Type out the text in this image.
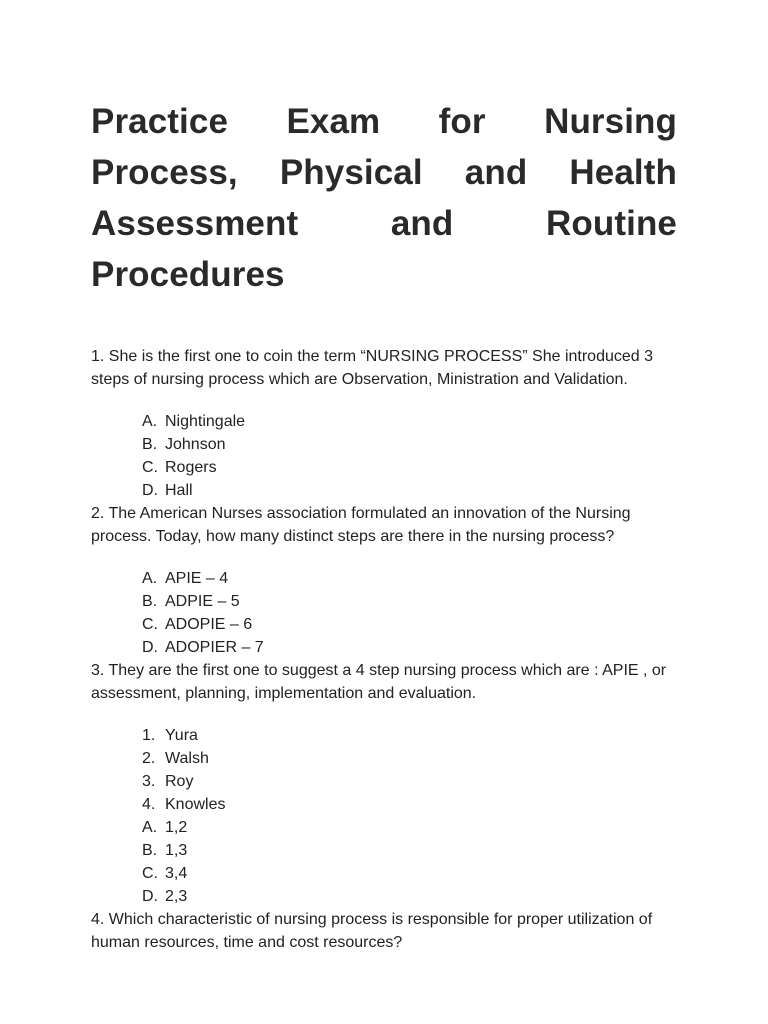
Practice Exam for Nursing Process, Physical and Health Assessment and Routine Procedures

1. She is the first one to coin the term “NURSING PROCESS” She introduced 3 steps of nursing process which are Observation, Ministration and Validation.

A. Nightingale
B. Johnson
C. Rogers
D. Hall

2. The American Nurses association formulated an innovation of the Nursing process. Today, how many distinct steps are there in the nursing process?

A. APIE – 4
B. ADPIE – 5
C. ADOPIE – 6
D. ADOPIER – 7

3. They are the first one to suggest a 4 step nursing process which are : APIE , or assessment, planning, implementation and evaluation.

1. Yura
2. Walsh
3. Roy
4. Knowles
A. 1,2
B. 1,3
C. 3,4
D. 2,3

4. Which characteristic of nursing process is responsible for proper utilization of human resources, time and cost resources?
